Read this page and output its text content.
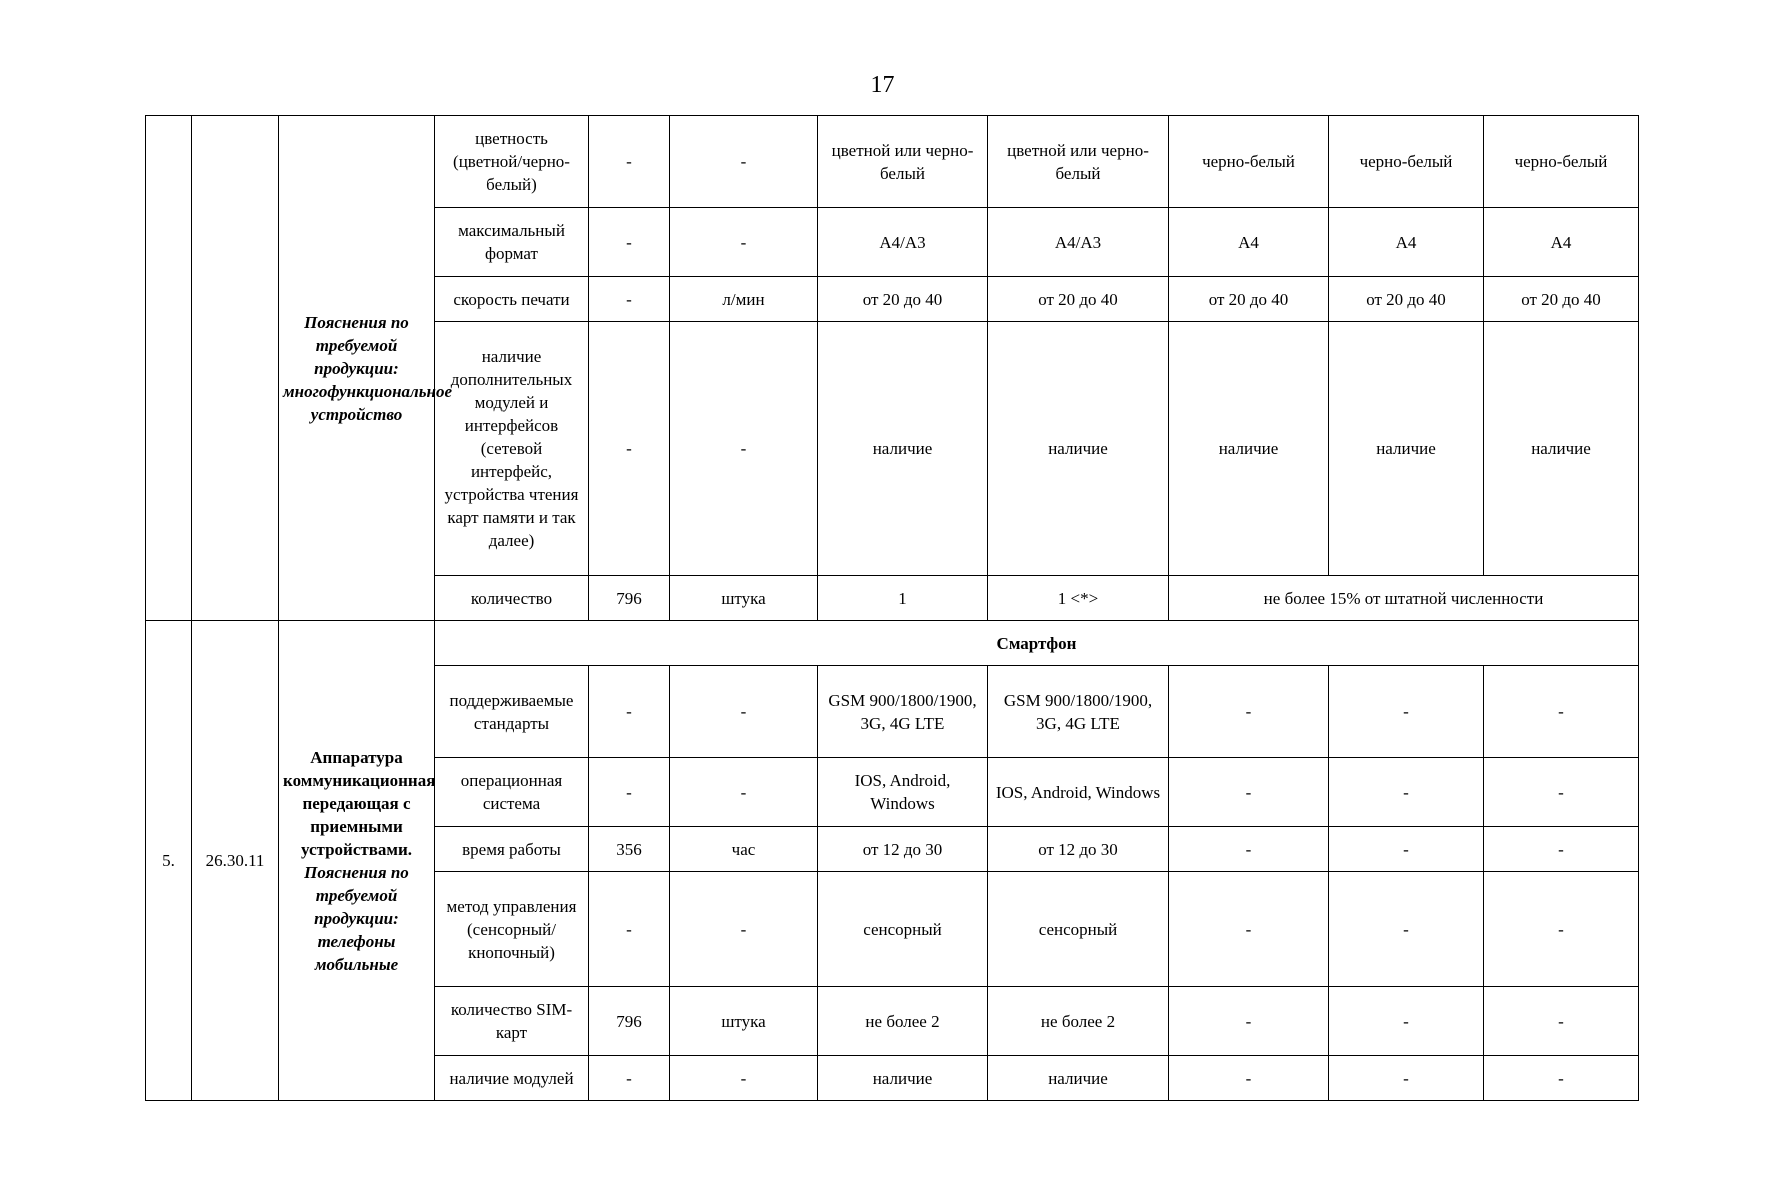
17
		Пояснения по требуемой продукции: многофункциональное устройство	цветность (цветной/черно-белый)	-	-	цветной или черно-белый	цветной или черно-белый	черно-белый	черно-белый	черно-белый
			максимальный формат	-	-	А4/А3	А4/А3	А4	А4	А4
			скорость печати	-	л/мин	от 20 до 40	от 20 до 40	от 20 до 40	от 20 до 40	от 20 до 40
			наличие дополнительных модулей и интерфейсов (сетевой интерфейс, устройства чтения карт памяти и так далее)	-	-	наличие	наличие	наличие	наличие	наличие
			количество	796	штука	1	1 <*>	не более 15% от штатной численности		
5.	26.30.11	Аппаратура коммуникационная передающая с приемными устройствами.
Пояснения по требуемой продукции: телефоны мобильные	Смартфон							
			поддерживаемые стандарты	-	-	GSM 900/1800/1900, 3G, 4G LTE	GSM 900/1800/1900, 3G, 4G LTE	-	-	-
			операционная система	-	-	IOS, Android, Windows	IOS, Android, Windows	-	-	-
			время работы	356	час	от 12 до 30	от 12 до 30	-	-	-
			метод управления (сенсорный/кнопочный)	-	-	сенсорный	сенсорный	-	-	-
			количество SIM-карт	796	штука	не более 2	не более 2	-	-	-
			наличие модулей	-	-	наличие	наличие	-	-	-
